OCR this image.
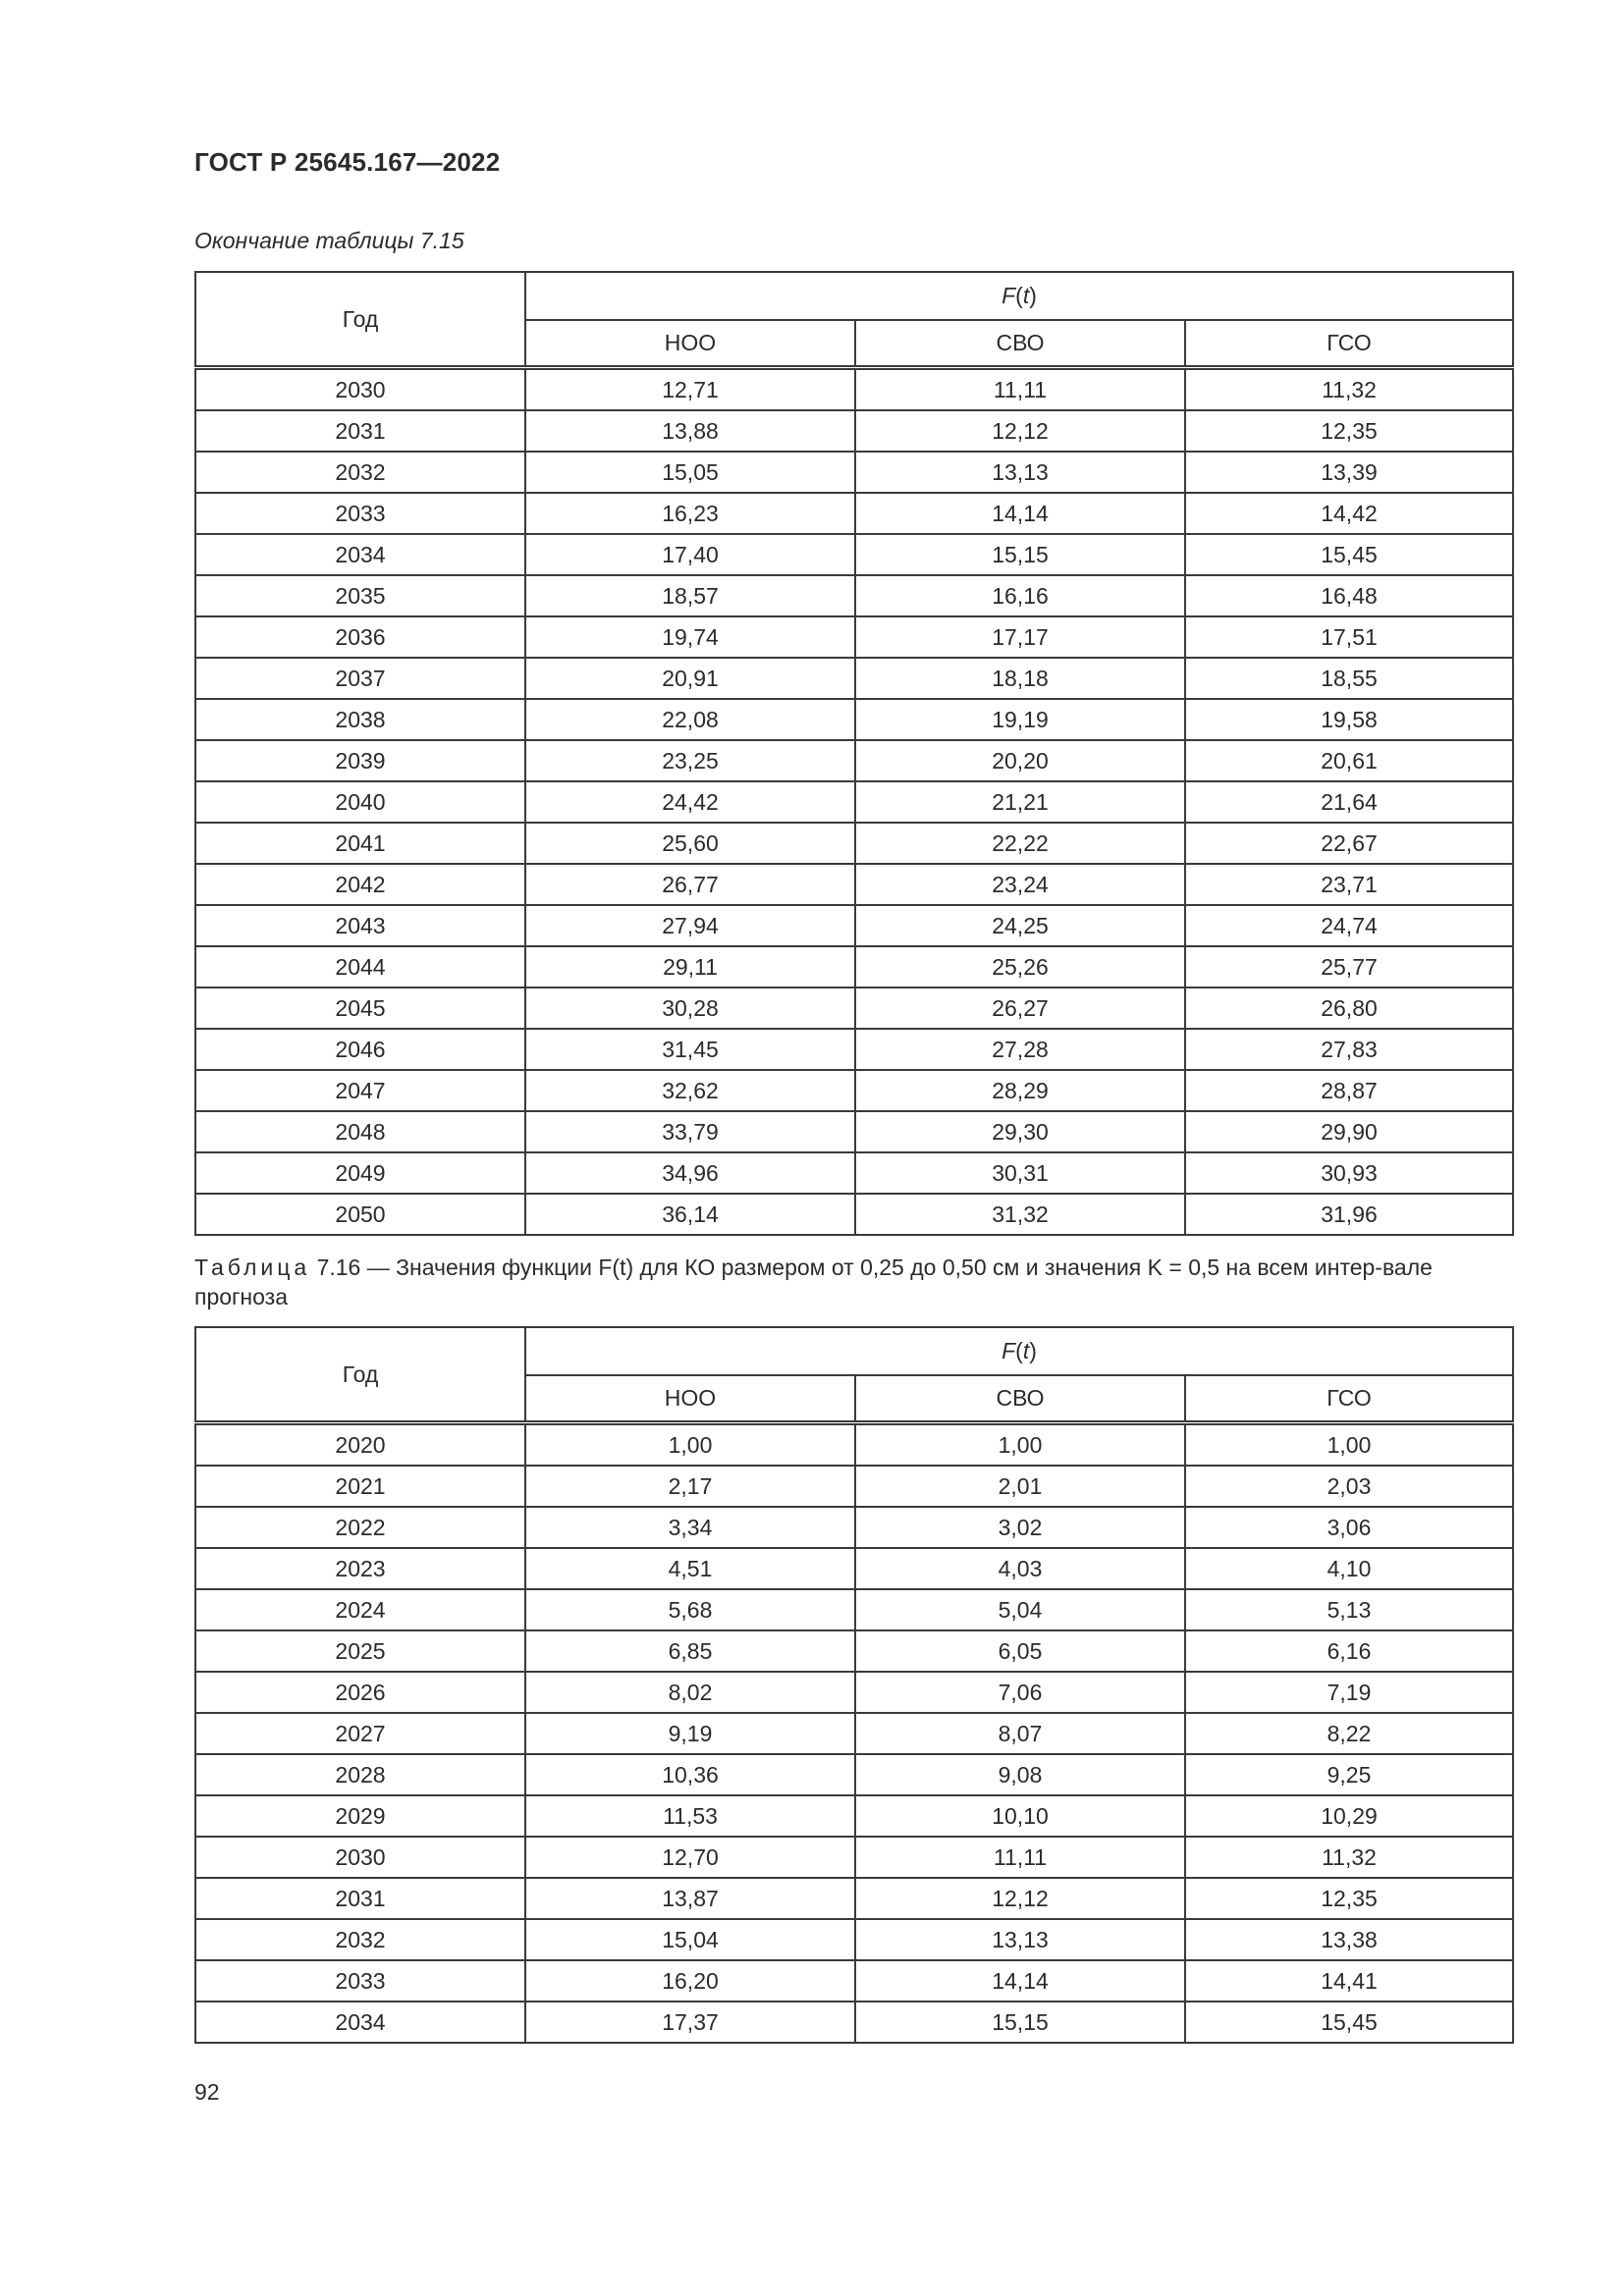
ГОСТ Р 25645.167—2022
Окончание таблицы 7.15
Год	F(t)		
	НОО	СВО	ГСО
2030	12,71	11,11	11,32
2031	13,88	12,12	12,35
2032	15,05	13,13	13,39
2033	16,23	14,14	14,42
2034	17,40	15,15	15,45
2035	18,57	16,16	16,48
2036	19,74	17,17	17,51
2037	20,91	18,18	18,55
2038	22,08	19,19	19,58
2039	23,25	20,20	20,61
2040	24,42	21,21	21,64
2041	25,60	22,22	22,67
2042	26,77	23,24	23,71
2043	27,94	24,25	24,74
2044	29,11	25,26	25,77
2045	30,28	26,27	26,80
2046	31,45	27,28	27,83
2047	32,62	28,29	28,87
2048	33,79	29,30	29,90
2049	34,96	30,31	30,93
2050	36,14	31,32	31,96
Таблица 7.16 — Значения функции F(t) для КО размером от 0,25 до 0,50 см и значения K = 0,5 на всем интер-вале прогноза
Год	F(t)		
	НОО	СВО	ГСО
2020	1,00	1,00	1,00
2021	2,17	2,01	2,03
2022	3,34	3,02	3,06
2023	4,51	4,03	4,10
2024	5,68	5,04	5,13
2025	6,85	6,05	6,16
2026	8,02	7,06	7,19
2027	9,19	8,07	8,22
2028	10,36	9,08	9,25
2029	11,53	10,10	10,29
2030	12,70	11,11	11,32
2031	13,87	12,12	12,35
2032	15,04	13,13	13,38
2033	16,20	14,14	14,41
2034	17,37	15,15	15,45
92
